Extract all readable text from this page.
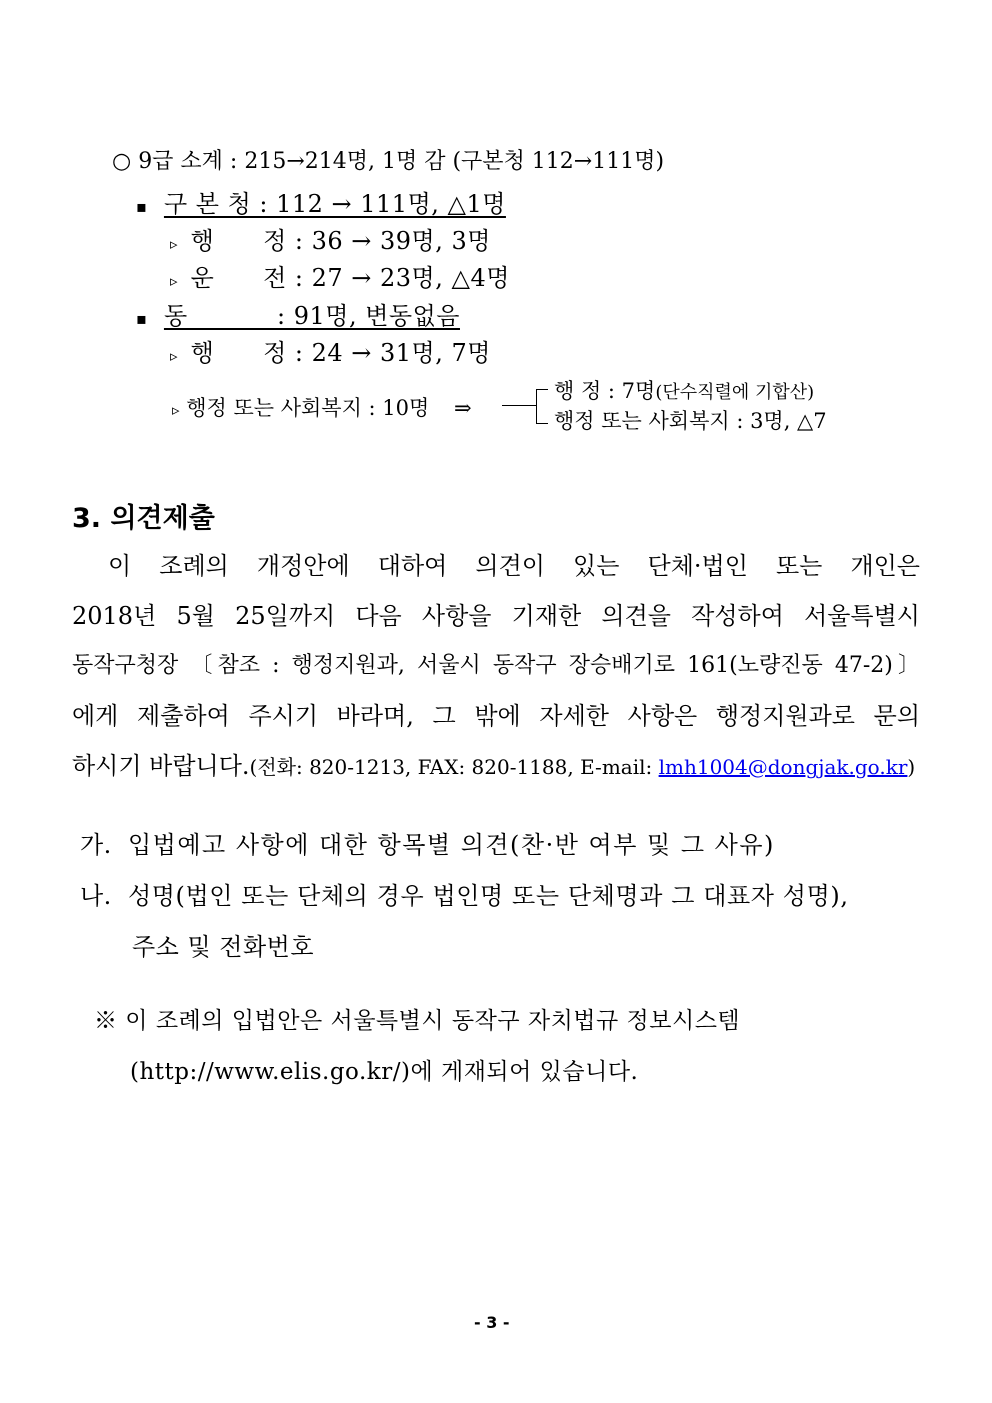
○ 9급 소계 : 215→214명, 1명 감 (구본청 112→111명)
▪ 구 본 청 : 112 → 111명, △1명
▹ 행      정 : 36 → 39명, 3명
▹ 운      전 : 27 → 23명, △4명
▪ 동           : 91명, 변동없음
▹ 행      정 : 24 → 31명, 7명
▹ 행정 또는 사회복지 : 10명 ⇒
행 정 : 7명(단수직렬에 기합산)
행정 또는 사회복지 : 3명, △7
3. 의견제출
이 조례의 개정안에 대하여 의견이 있는 단체·법인 또는 개인은
2018년 5월 25일까지 다음 사항을 기재한 의견을 작성하여 서울특별시
동작구청장 〔참조 : 행정지원과, 서울시 동작구 장승배기로 161(노량진동 47-2)〕
에게 제출하여 주시기 바라며, 그 밖에 자세한 사항은 행정지원과로 문의
하시기 바랍니다.(전화: 820-1213, FAX: 820-1188, E-mail: lmh1004@dongjak.go.kr)
가. 입법예고 사항에 대한 항목별 의견(찬·반 여부 및 그 사유)
나. 성명(법인 또는 단체의 경우 법인명 또는 단체명과 그 대표자 성명),
주소 및 전화번호
※ 이 조례의 입법안은 서울특별시 동작구 자치법규 정보시스템
(http://www.elis.go.kr/)에 게재되어 있습니다.
- 3 -
